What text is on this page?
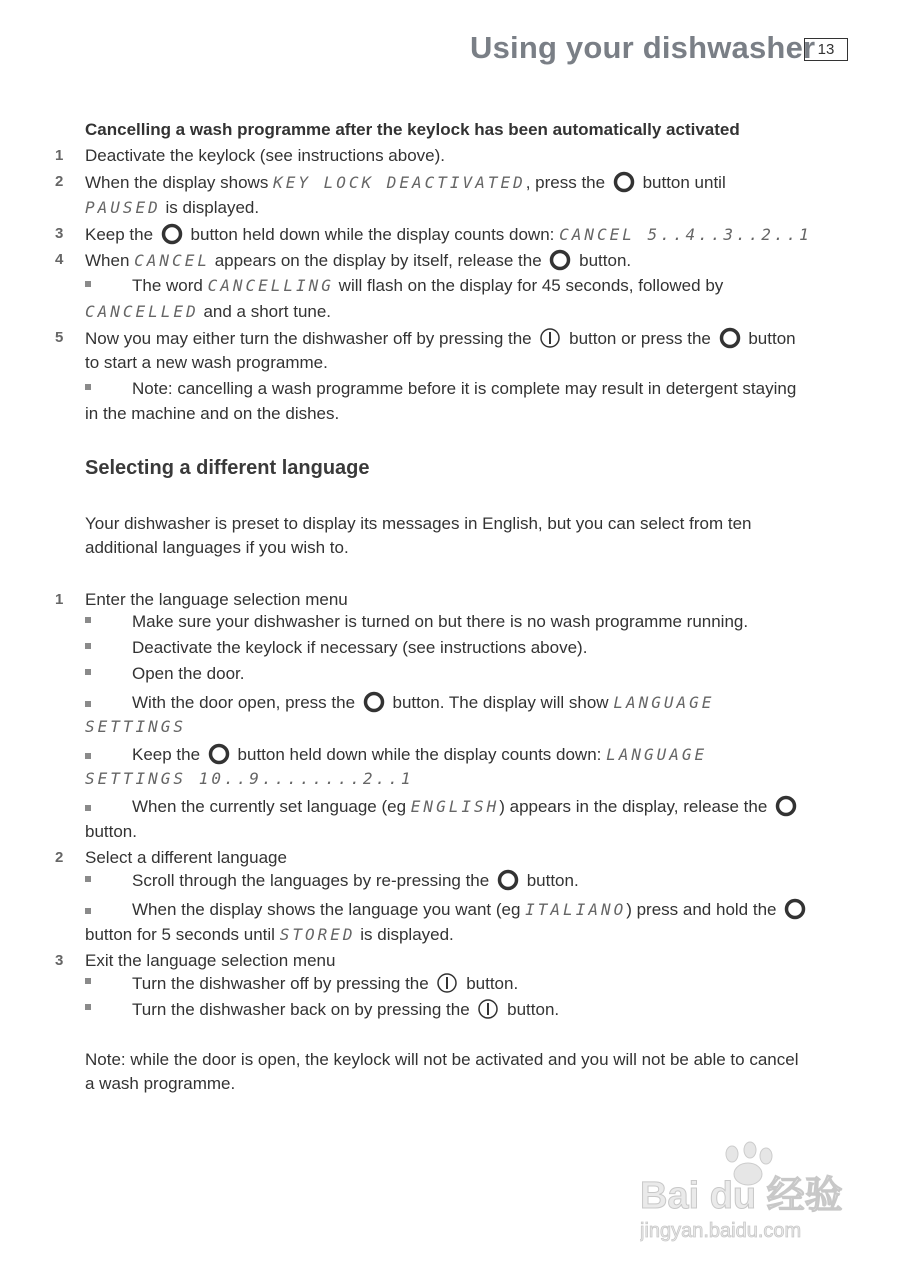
Using your dishwasher 13
Cancelling a wash programme after the keylock has been automatically activated
1 Deactivate the keylock (see instructions above).
2 When the display shows KEY LOCK DEACTIVATED, press the button until
PAUSED is displayed.
3 Keep the button held down while the display counts down: CANCEL 5..4..3..2..1
4 When CANCEL appears on the display by itself, release the button.
The word CANCELLING will flash on the display for 45 seconds, followed by
CANCELLED and a short tune.
5 Now you may either turn the dishwasher off by pressing the button or press the button
to start a new wash programme.
Note: cancelling a wash programme before it is complete may result in detergent staying
in the machine and on the dishes.
Selecting a different language
Your dishwasher is preset to display its messages in English, but you can select from ten
additional languages if you wish to.
1 Enter the language selection menu
Make sure your dishwasher is turned on but there is no wash programme running.
Deactivate the keylock if necessary (see instructions above).
Open the door.
With the door open, press the button. The display will show LANGUAGE
SETTINGS
Keep the button held down while the display counts down: LANGUAGE
SETTINGS 10..9........2..1
When the currently set language (eg ENGLISH) appears in the display, release the
button.
2 Select a different language
Scroll through the languages by re-pressing the button.
When the display shows the language you want (eg ITALIANO) press and hold the
button for 5 seconds until STORED is displayed.
3 Exit the language selection menu
Turn the dishwasher off by pressing the button.
Turn the dishwasher back on by pressing the button.
Note: while the door is open, the keylock will not be activated and you will not be able to cancel
a wash programme.
Bai du 经验
jingyan.baidu.com
